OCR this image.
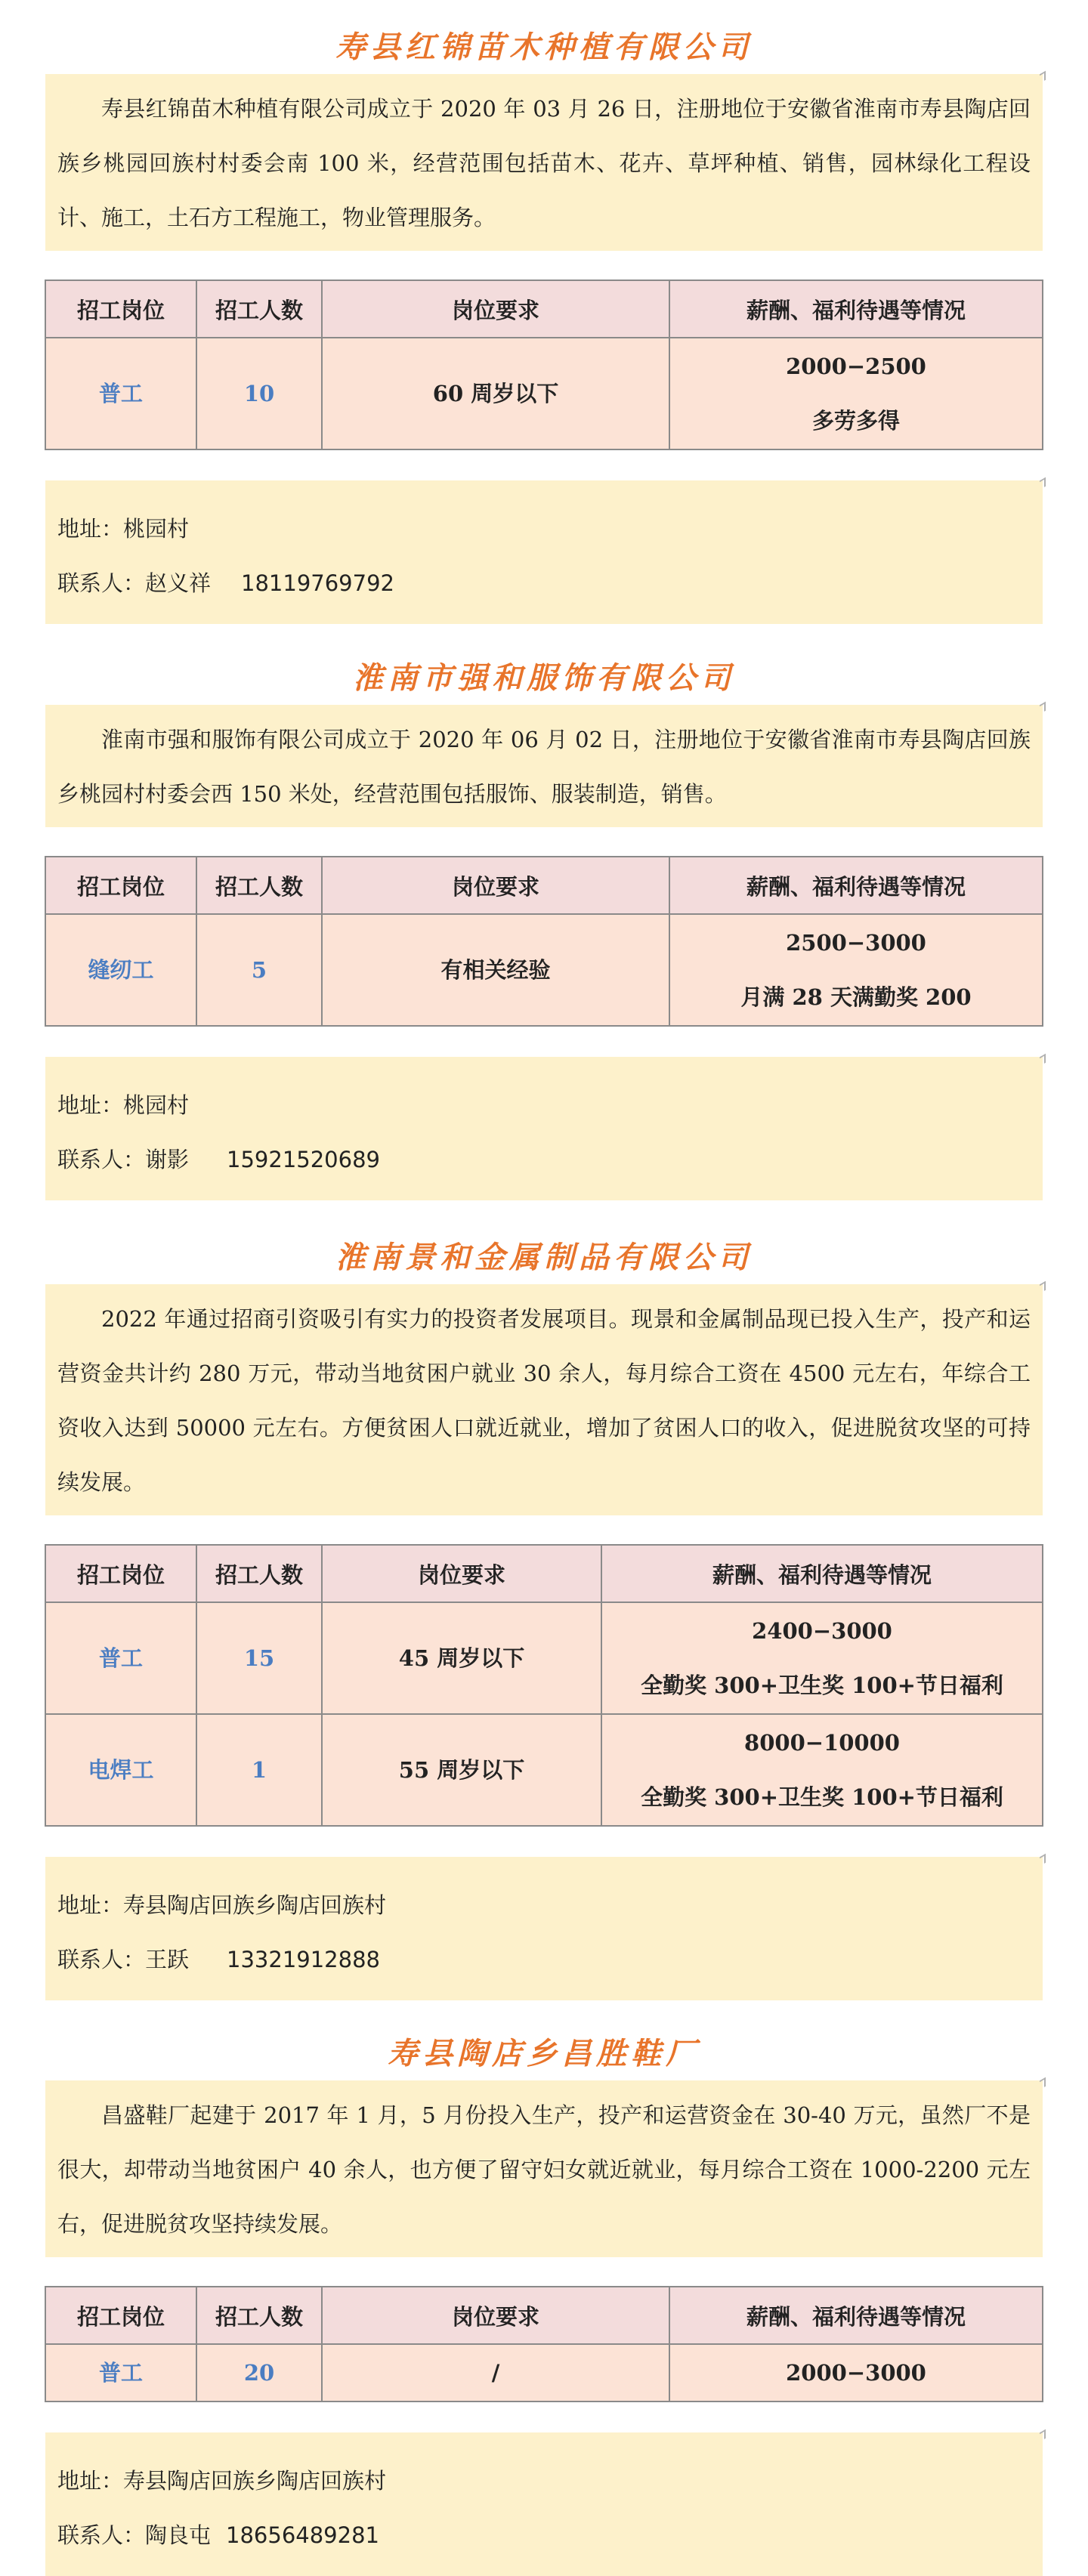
寿县红锦苗木种植有限公司
寿县红锦苗木种植有限公司成立于 2020 年 03 月 26 日，注册地位于安徽省淮南市寿县陶店回族乡桃园回族村村委会南 100 米，经营范围包括苗木、花卉、草坪种植、销售，园林绿化工程设计、施工，土石方工程施工，物业管理服务。
招工岗位	招工人数	岗位要求	薪酬、福利待遇等情况
普工	10	60 周岁以下	2000−2500
多劳多得
地址：桃园村
联系人：赵义祥 18119769792
淮南市强和服饰有限公司
淮南市强和服饰有限公司成立于 2020 年 06 月 02 日，注册地位于安徽省淮南市寿县陶店回族乡桃园村村委会西 150 米处，经营范围包括服饰、服装制造，销售。
招工岗位	招工人数	岗位要求	薪酬、福利待遇等情况
缝纫工	5	有相关经验	2500−3000
月满 28 天满勤奖 200
地址：桃园村
联系人：谢影 15921520689
淮南景和金属制品有限公司
2022 年通过招商引资吸引有实力的投资者发展项目。现景和金属制品现已投入生产，投产和运营资金共计约 280 万元，带动当地贫困户就业 30 余人，每月综合工资在 4500 元左右，年综合工资收入达到 50000 元左右。方便贫困人口就近就业，增加了贫困人口的收入，促进脱贫攻坚的可持续发展。
招工岗位	招工人数	岗位要求	薪酬、福利待遇等情况
普工	15	45 周岁以下	2400−3000
全勤奖 300+卫生奖 100+节日福利

电焊工	1	55 周岁以下	8000−10000
全勤奖 300+卫生奖 100+节日福利
地址：寿县陶店回族乡陶店回族村
联系人：王跃 13321912888
寿县陶店乡昌胜鞋厂
昌盛鞋厂起建于 2017 年 1 月，5 月份投入生产，投产和运营资金在 30-40 万元，虽然厂不是很大，却带动当地贫困户 40 余人，也方便了留守妇女就近就业，每月综合工资在 1000-2200 元左右，促进脱贫攻坚持续发展。
招工岗位	招工人数	岗位要求	薪酬、福利待遇等情况
普工	20	/	2000−3000
地址：寿县陶店回族乡陶店回族村
联系人：陶良屯 18656489281
